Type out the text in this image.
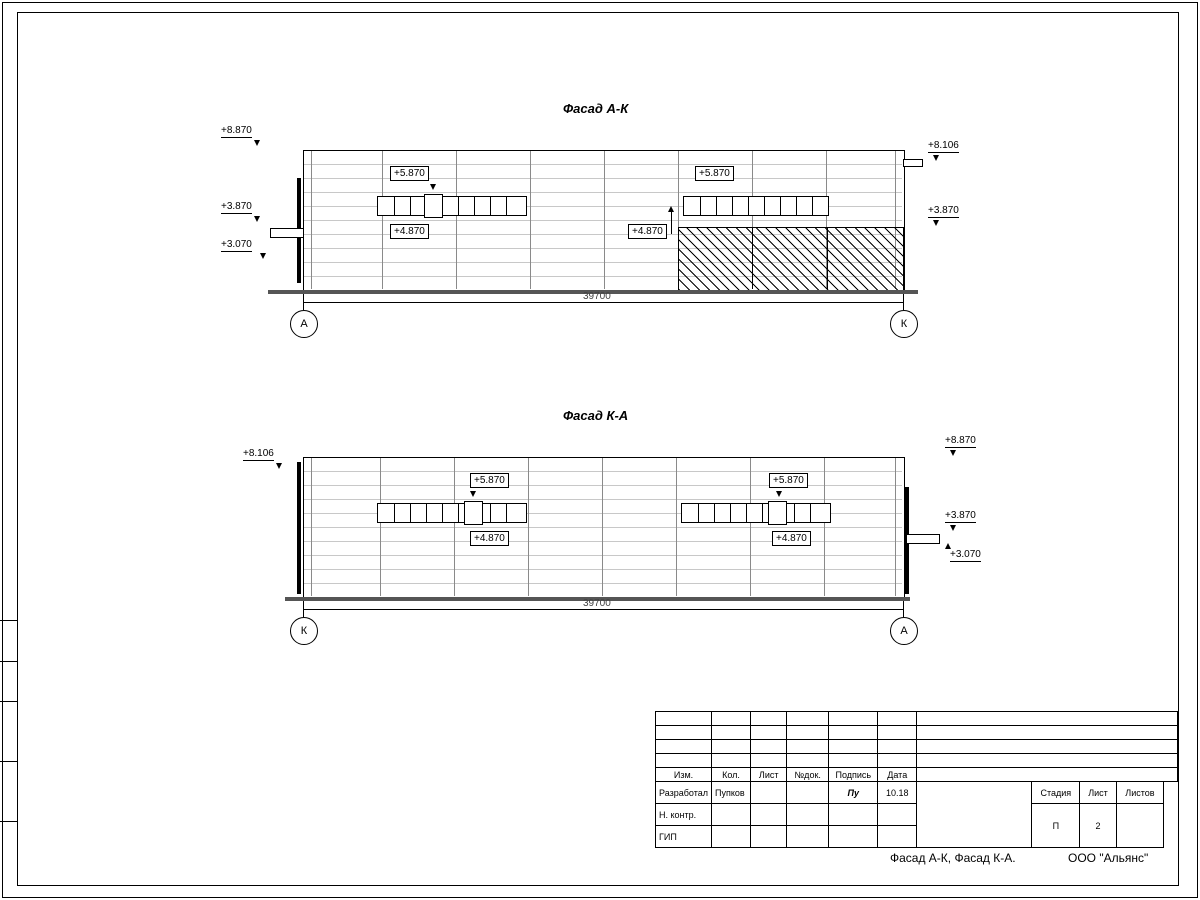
Фасад А-К
+8.870
+3.870
+3.070
+8.106
+3.870
+5.870
+4.870
+5.870
+4.870
39700
А	К
Фасад К-А
+8.106
+8.870
+3.870
+3.070
+5.870
+4.870
+5.870
+4.870
39700
К	А

Изм.	Кол.	Лист	№док.	Подпись	Дата					
Разработал	Пупков			Пу	10.18		Стадия	Лист	Листов	
Н. контр.							П	2		
ГИП										
Фасад А-К, Фасад К-А.	ООО "Альянс"
